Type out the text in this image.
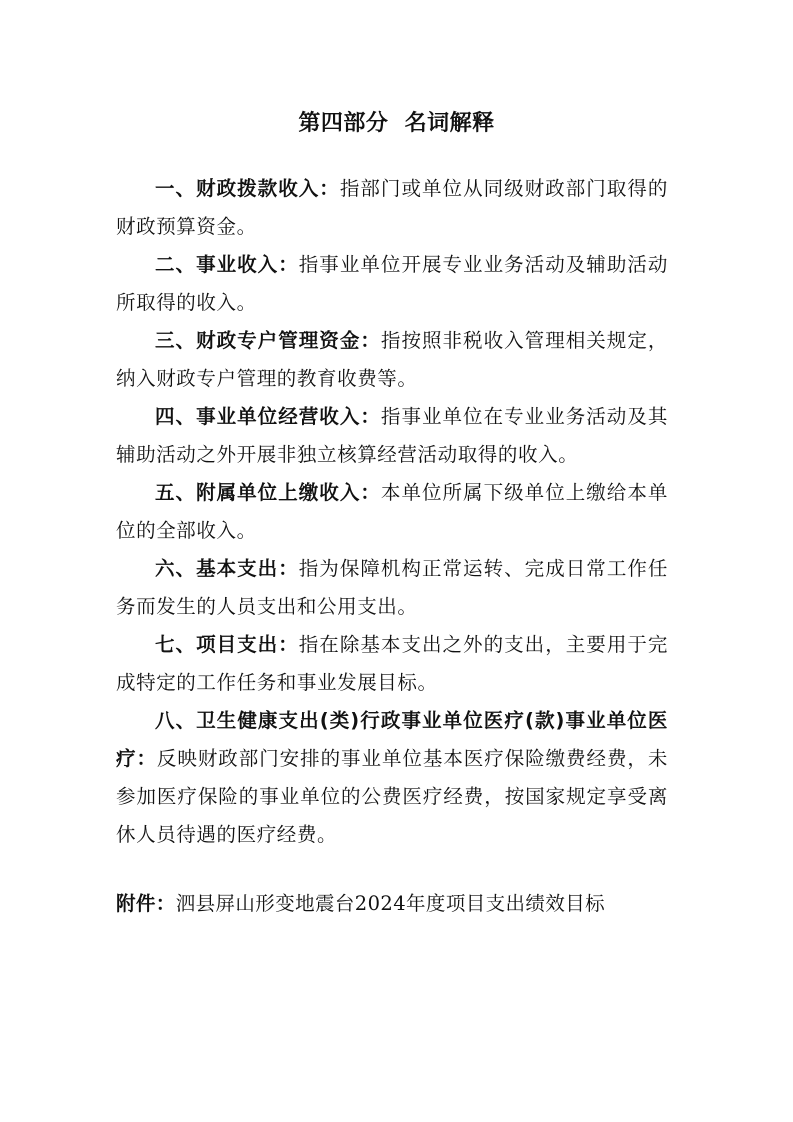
第四部分  名词解释

一、财政拨款收入：指部门或单位从同级财政部门取得的财政预算资金。

二、事业收入：指事业单位开展专业业务活动及辅助活动所取得的收入。

三、财政专户管理资金：指按照非税收入管理相关规定，纳入财政专户管理的教育收费等。

四、事业单位经营收入：指事业单位在专业业务活动及其辅助活动之外开展非独立核算经营活动取得的收入。

五、附属单位上缴收入：本单位所属下级单位上缴给本单位的全部收入。

六、基本支出：指为保障机构正常运转、完成日常工作任务而发生的人员支出和公用支出。

七、项目支出：指在除基本支出之外的支出，主要用于完成特定的工作任务和事业发展目标。

八、卫生健康支出(类)行政事业单位医疗(款)事业单位医疗：反映财政部门安排的事业单位基本医疗保险缴费经费，未参加医疗保险的事业单位的公费医疗经费，按国家规定享受离休人员待遇的医疗经费。

附件：泗县屏山形变地震台2024年度项目支出绩效目标
